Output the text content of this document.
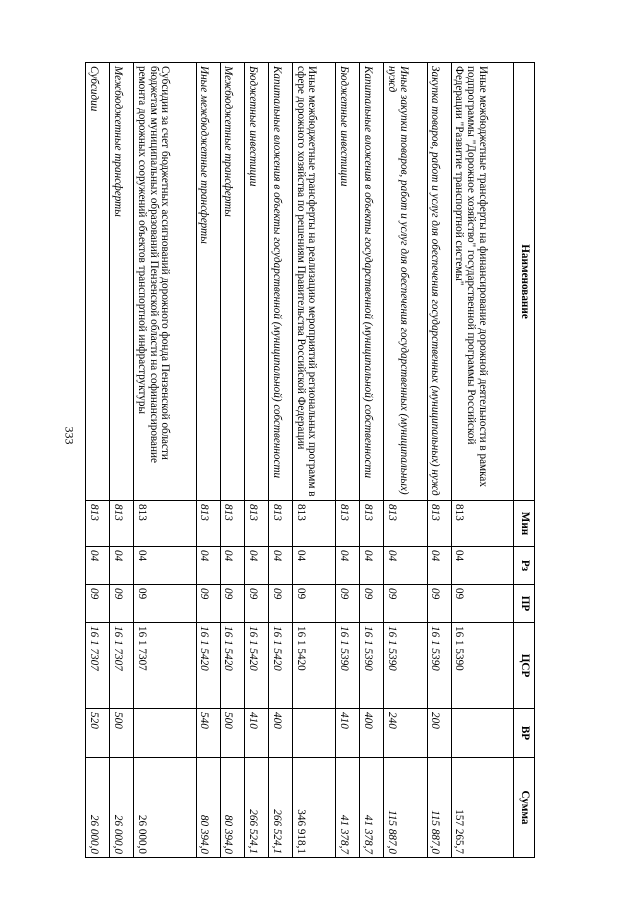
333
Наименование	Мин	Рз	ПР	ЦСР	ВР	Сумма
Иные межбюджетные трансферты на финансирование дорожной деятельности в рамках подпрограммы "Дорожное хозяйство" государственной программы Российской Федерации "Развитие транспортной системы"	813	04	09	16 1 5390		157 265,7
Закупка товаров, работ и услуг для обеспечения государственных (муниципальных) нужд	813	04	09	16 1 5390	200	115 887,0
Иные закупки товаров, работ и услуг для обеспечения государственных (муниципальных) нужд	813	04	09	16 1 5390	240	115 887,0
Капитальные вложения в объекты государственной (муниципальной) собственности	813	04	09	16 1 5390	400	41 378,7
Бюджетные инвестиции	813	04	09	16 1 5390	410	41 378,7
Иные межбюджетные трансферты на реализацию мероприятий региональных программ в сфере дорожного хозяйства по решениям Правительства Российской Федерации	813	04	09	16 1 5420		346 918,1
Капитальные вложения в объекты государственной (муниципальной) собственности	813	04	09	16 1 5420	400	266 524,1
Бюджетные инвестиции	813	04	09	16 1 5420	410	266 524,1
Межбюджетные трансферты	813	04	09	16 1 5420	500	80 394,0
Иные межбюджетные трансферты	813	04	09	16 1 5420	540	80 394,0
Субсидии за счет бюджетных ассигнований дорожного фонда Пензенской области бюджетам муниципальных образований Пензенской области на софинансирование ремонта дорожных сооружений объектов транспортной инфраструктуры	813	04	09	16 1 7307		26 000,0
Межбюджетные трансферты	813	04	09	16 1 7307	500	26 000,0
Субсидии	813	04	09	16 1 7307	520	26 000,0
